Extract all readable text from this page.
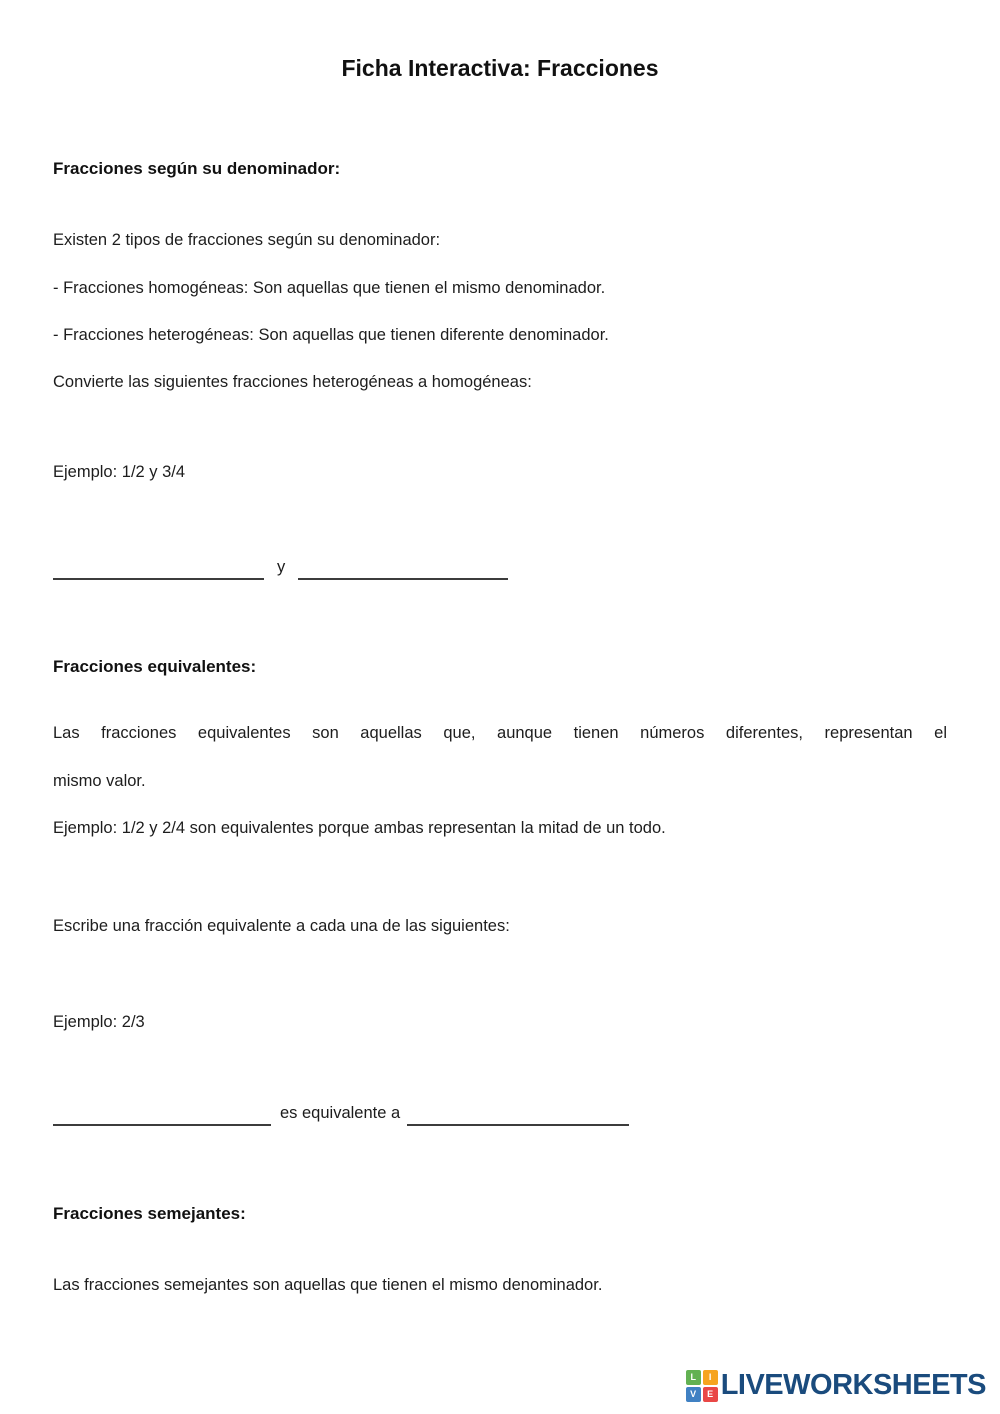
Ficha Interactiva: Fracciones
Fracciones según su denominador:
Existen 2 tipos de fracciones según su denominador:
- Fracciones homogéneas: Son aquellas que tienen el mismo denominador.
- Fracciones heterogéneas: Son aquellas que tienen diferente denominador.
Convierte las siguientes fracciones heterogéneas a homogéneas:
Ejemplo: 1/2 y 3/4
y
Fracciones equivalentes:
Las fracciones equivalentes son aquellas que, aunque tienen números diferentes, representan el
mismo valor.
Ejemplo: 1/2 y 2/4 son equivalentes porque ambas representan la mitad de un todo.
Escribe una fracción equivalente a cada una de las siguientes:
Ejemplo: 2/3
es equivalente a
Fracciones semejantes:
Las fracciones semejantes son aquellas que tienen el mismo denominador.
L	I
V	E LIVEWORKSHEETS
